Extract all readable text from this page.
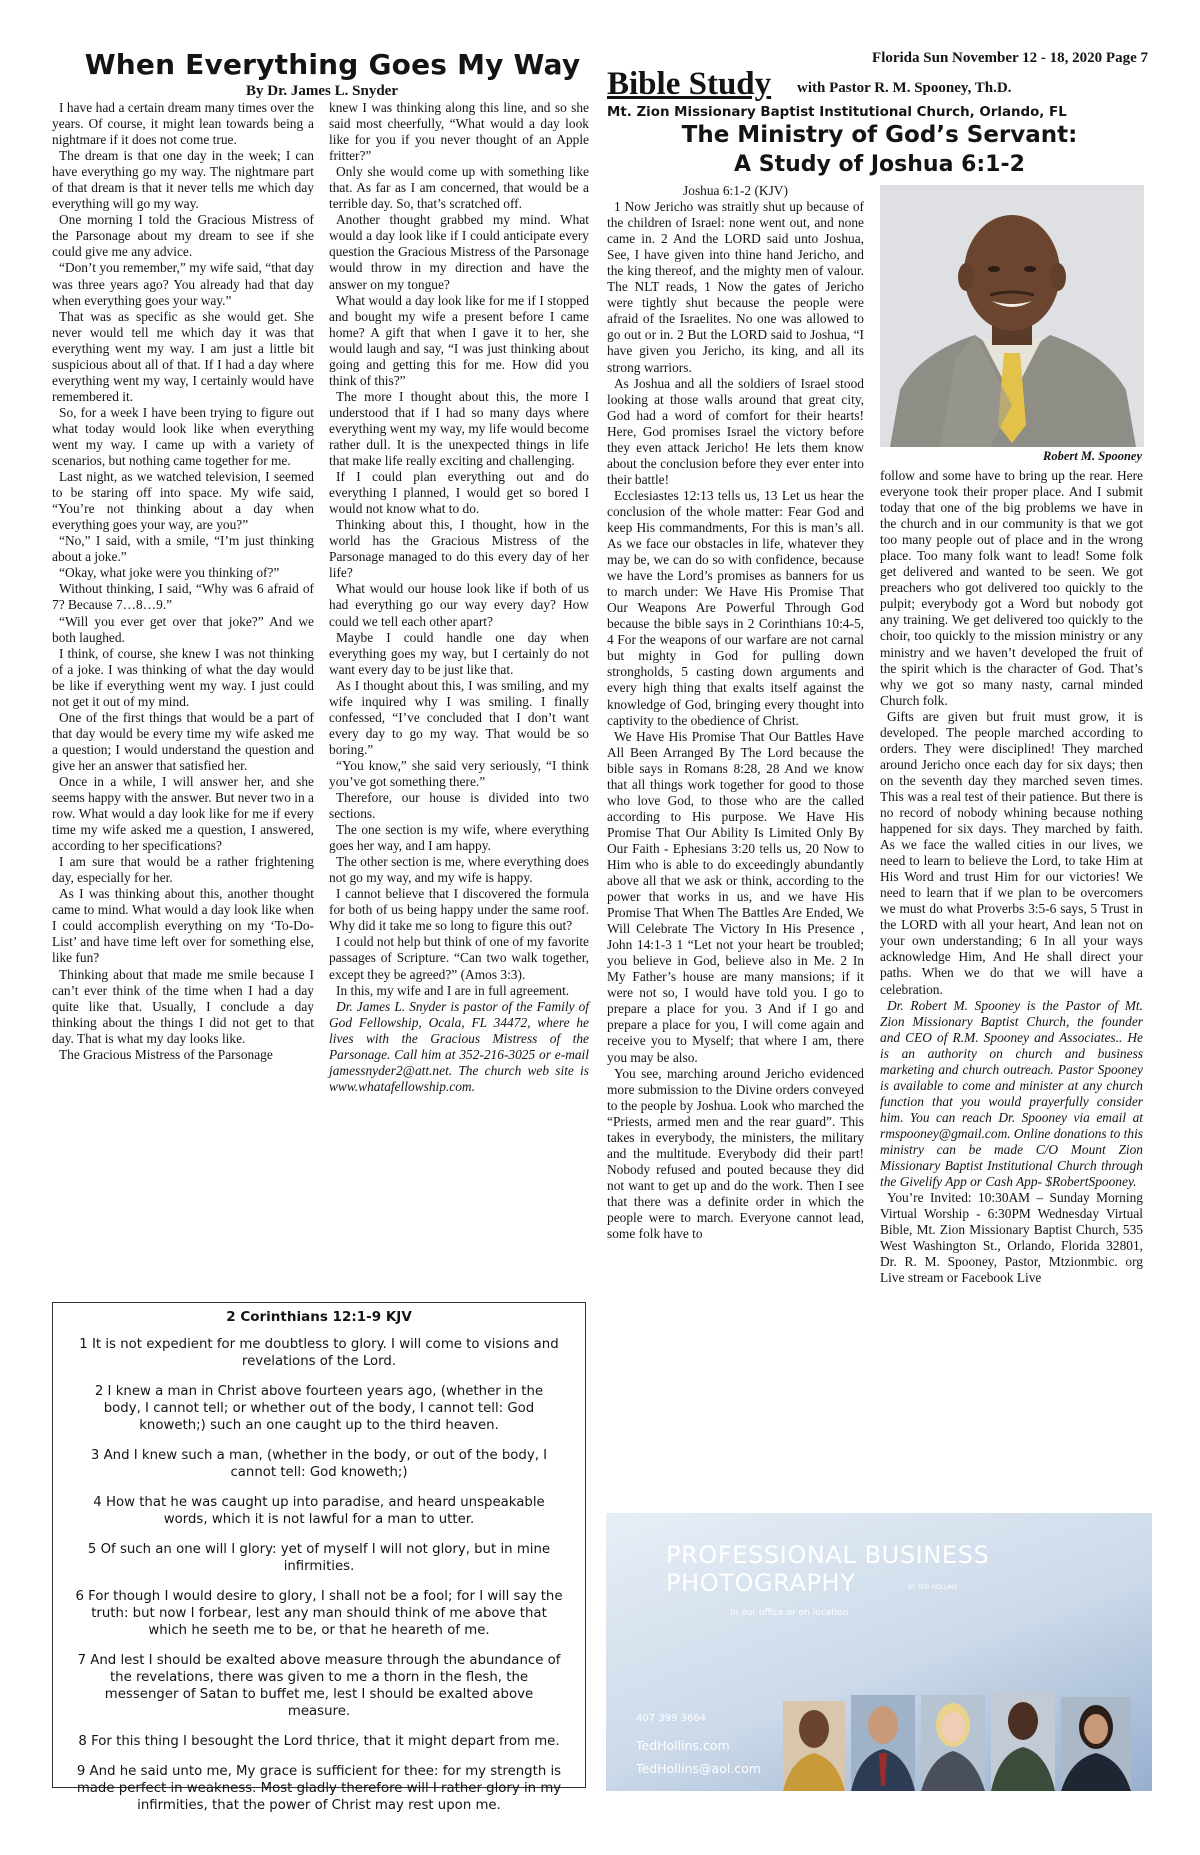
When Everything Goes My Way
By Dr. James L. Snyder
Florida Sun November 12 - 18, 2020 Page 7

I have had a certain dream many times over the years. Of course, it might lean towards being a nightmare if it does not come true.

The dream is that one day in the week; I can have everything go my way. The nightmare part of that dream is that it never tells me which day everything will go my way.

One morning I told the Gracious Mistress of the Parsonage about my dream to see if she could give me any advice.

“Don’t you remember,” my wife said, “that day was three years ago? You already had that day when everything goes your way.”

That was as specific as she would get. She never would tell me which day it was that everything went my way. I am just a little bit suspicious about all of that. If I had a day where everything went my way, I certainly would have remembered it.

So, for a week I have been trying to figure out what today would look like when everything went my way. I came up with a variety of scenarios, but nothing came together for me.

Last night, as we watched television, I seemed to be staring off into space. My wife said, “You’re not thinking about a day when everything goes your way, are you?”

“No,” I said, with a smile, “I’m just thinking about a joke.”

“Okay, what joke were you thinking of?”

Without thinking, I said, “Why was 6 afraid of 7? Because 7…8…9.”

“Will you ever get over that joke?” And we both laughed.

I think, of course, she knew I was not thinking of a joke. I was thinking of what the day would be like if everything went my way. I just could not get it out of my mind.

One of the first things that would be a part of that day would be every time my wife asked me a question; I would understand the question and give her an answer that satisfied her.

Once in a while, I will answer her, and she seems happy with the answer. But never two in a row. What would a day look like for me if every time my wife asked me a question, I answered, according to her specifications?

I am sure that would be a rather frightening day, especially for her.

As I was thinking about this, another thought came to mind. What would a day look like when I could accomplish everything on my ‘To-Do-List’ and have time left over for something else, like fun?

Thinking about that made me smile because I can’t ever think of the time when I had a day quite like that. Usually, I conclude a day thinking about the things I did not get to that day. That is what my day looks like.

The Gracious Mistress of the Parsonage

knew I was thinking along this line, and so she said most cheerfully, “What would a day look like for you if you never thought of an Apple fritter?”

Only she would come up with something like that. As far as I am concerned, that would be a terrible day. So, that’s scratched off.

Another thought grabbed my mind. What would a day look like if I could anticipate every question the Gracious Mistress of the Parsonage would throw in my direction and have the answer on my tongue?

What would a day look like for me if I stopped and bought my wife a present before I came home? A gift that when I gave it to her, she would laugh and say, “I was just thinking about going and getting this for me. How did you think of this?”

The more I thought about this, the more I understood that if I had so many days where everything went my way, my life would become rather dull. It is the unexpected things in life that make life really exciting and challenging.

If I could plan everything out and do everything I planned, I would get so bored I would not know what to do.

Thinking about this, I thought, how in the world has the Gracious Mistress of the Parsonage managed to do this every day of her life?

What would our house look like if both of us had everything go our way every day? How could we tell each other apart?

Maybe I could handle one day when everything goes my way, but I certainly do not want every day to be just like that.

As I thought about this, I was smiling, and my wife inquired why I was smiling. I finally confessed, “I’ve concluded that I don’t want every day to go my way. That would be so boring.”

“You know,” she said very seriously, “I think you’ve got something there.”

Therefore, our house is divided into two sections.

The one section is my wife, where everything goes her way, and I am happy.

The other section is me, where everything does not go my way, and my wife is happy.

I cannot believe that I discovered the formula for both of us being happy under the same roof. Why did it take me so long to figure this out?

I could not help but think of one of my favorite passages of Scripture. “Can two walk together, except they be agreed?” (Amos 3:3).

In this, my wife and I are in full agreement.

Dr. James L. Snyder is pastor of the Family of God Fellowship, Ocala, FL 34472, where he lives with the Gracious Mistress of the Parsonage. Call him at 352-216-3025 or e-mail jamessnyder2@att.net. The church web site is www.whatafellowship.com.

2 Corinthians 12:1-9 KJV
1 It is not expedient for me doubtless to glory. I will come to visions and revelations of the Lord.
2 I knew a man in Christ above fourteen years ago, (whether in the body, I cannot tell; or whether out of the body, I cannot tell: God knoweth;) such an one caught up to the third heaven.
3 And I knew such a man, (whether in the body, or out of the body, I cannot tell: God knoweth;)
4 How that he was caught up into paradise, and heard unspeakable words, which it is not lawful for a man to utter.
5 Of such an one will I glory: yet of myself I will not glory, but in mine infirmities.
6 For though I would desire to glory, I shall not be a fool; for I will say the truth: but now I forbear, lest any man should think of me above that which he seeth me to be, or that he heareth of me.
7 And lest I should be exalted above measure through the abundance of the revelations, there was given to me a thorn in the flesh, the messenger of Satan to buffet me, lest I should be exalted above measure.
8 For this thing I besought the Lord thrice, that it might depart from me.
9 And he said unto me, My grace is sufficient for thee: for my strength is made perfect in weakness. Most gladly therefore will I rather glory in my infirmities, that the power of Christ may rest upon me.
Bible Study with Pastor R. M. Spooney, Th.D.
Mt. Zion Missionary Baptist Institutional Church, Orlando, FL
The Ministry of God’s Servant:
A Study of Joshua 6:1-2

Joshua 6:1-2 (KJV)

1 Now Jericho was straitly shut up because of the children of Israel: none went out, and none came in. 2 And the LORD said unto Joshua, See, I have given into thine hand Jericho, and the king thereof, and the mighty men of valour. The NLT reads, 1 Now the gates of Jericho were tightly shut because the people were afraid of the Israelites. No one was allowed to go out or in. 2 But the LORD said to Joshua, “I have given you Jericho, its king, and all its strong warriors.

As Joshua and all the soldiers of Israel stood looking at those walls around that great city, God had a word of comfort for their hearts! Here, God promises Israel the victory before they even attack Jericho! He lets them know about the conclusion before they ever enter into their battle!

Ecclesiastes 12:13 tells us, 13 Let us hear the conclusion of the whole matter: Fear God and keep His commandments, For this is man’s all. As we face our obstacles in life, whatever they may be, we can do so with confidence, because we have the Lord’s promises as banners for us to march under: We Have His Promise That Our Weapons Are Powerful Through God because the bible says in 2 Corinthians 10:4-5, 4 For the weapons of our warfare are not carnal but mighty in God for pulling down strongholds, 5 casting down arguments and every high thing that exalts itself against the knowledge of God, bringing every thought into captivity to the obedience of Christ.

We Have His Promise That Our Battles Have All Been Arranged By The Lord because the bible says in Romans 8:28, 28 And we know that all things work together for good to those who love God, to those who are the called according to His purpose. We Have His Promise That Our Ability Is Limited Only By Our Faith - Ephesians 3:20 tells us, 20 Now to Him who is able to do exceedingly abundantly above all that we ask or think, according to the power that works in us, and we have His Promise That When The Battles Are Ended, We Will Celebrate The Victory In His Presence , John 14:1-3 1 “Let not your heart be troubled; you believe in God, believe also in Me. 2 In My Father’s house are many mansions; if it were not so, I would have told you. I go to prepare a place for you. 3 And if I go and prepare a place for you, I will come again and receive you to Myself; that where I am, there you may be also.

You see, marching around Jericho evidenced more submission to the Divine orders conveyed to the people by Joshua. Look who marched the “Priests, armed men and the rear guard”. This takes in everybody, the ministers, the military and the multitude. Everybody did their part! Nobody refused and pouted because they did not want to get up and do the work. Then I see that there was a definite order in which the people were to march. Everyone cannot lead, some folk have to

Robert M. Spooney

follow and some have to bring up the rear. Here everyone took their proper place. And I submit today that one of the big problems we have in the church and in our community is that we got too many people out of place and in the wrong place. Too many folk want to lead! Some folk get delivered and wanted to be seen. We got preachers who got delivered too quickly to the pulpit; everybody got a Word but nobody got any training. We get delivered too quickly to the choir, too quickly to the mission ministry or any ministry and we haven’t developed the fruit of the spirit which is the character of God. That’s why we got so many nasty, carnal minded Church folk.

Gifts are given but fruit must grow, it is developed. The people marched according to orders. They were disciplined! They marched around Jericho once each day for six days; then on the seventh day they marched seven times. This was a real test of their patience. But there is no record of nobody whining because nothing happened for six days. They marched by faith. As we face the walled cities in our lives, we need to learn to believe the Lord, to take Him at His Word and trust Him for our victories! We need to learn that if we plan to be overcomers we must do what Proverbs 3:5-6 says, 5 Trust in the LORD with all your heart, And lean not on your own understanding; 6 In all your ways acknowledge Him, And He shall direct your paths. When we do that we will have a celebration.

Dr. Robert M. Spooney is the Pastor of Mt. Zion Missionary Baptist Church, the founder and CEO of R.M. Spooney and Associates.. He is an authority on church and business marketing and church outreach. Pastor Spooney is available to come and minister at any church function that you would prayerfully consider him. You can reach Dr. Spooney via email at rmspooney@gmail.com. Online donations to this ministry can be made C/O Mount Zion Missionary Baptist Institutional Church through the Givelify App or Cash App- $RobertSpooney.

You’re Invited: 10:30AM – Sunday Morning Virtual Worship - 6:30PM Wednesday Virtual Bible, Mt. Zion Missionary Baptist Church, 535 West Washington St., Orlando, Florida 32801, Dr. R. M. Spooney, Pastor, Mtzionmbic. org Live stream or Facebook Live

PROFESSIONAL BUSINESS
PHOTOGRAPHY	BY TED HOLLINS
In our office or on location
407 399 3664
TedHollins.com
TedHollins@aol.com
